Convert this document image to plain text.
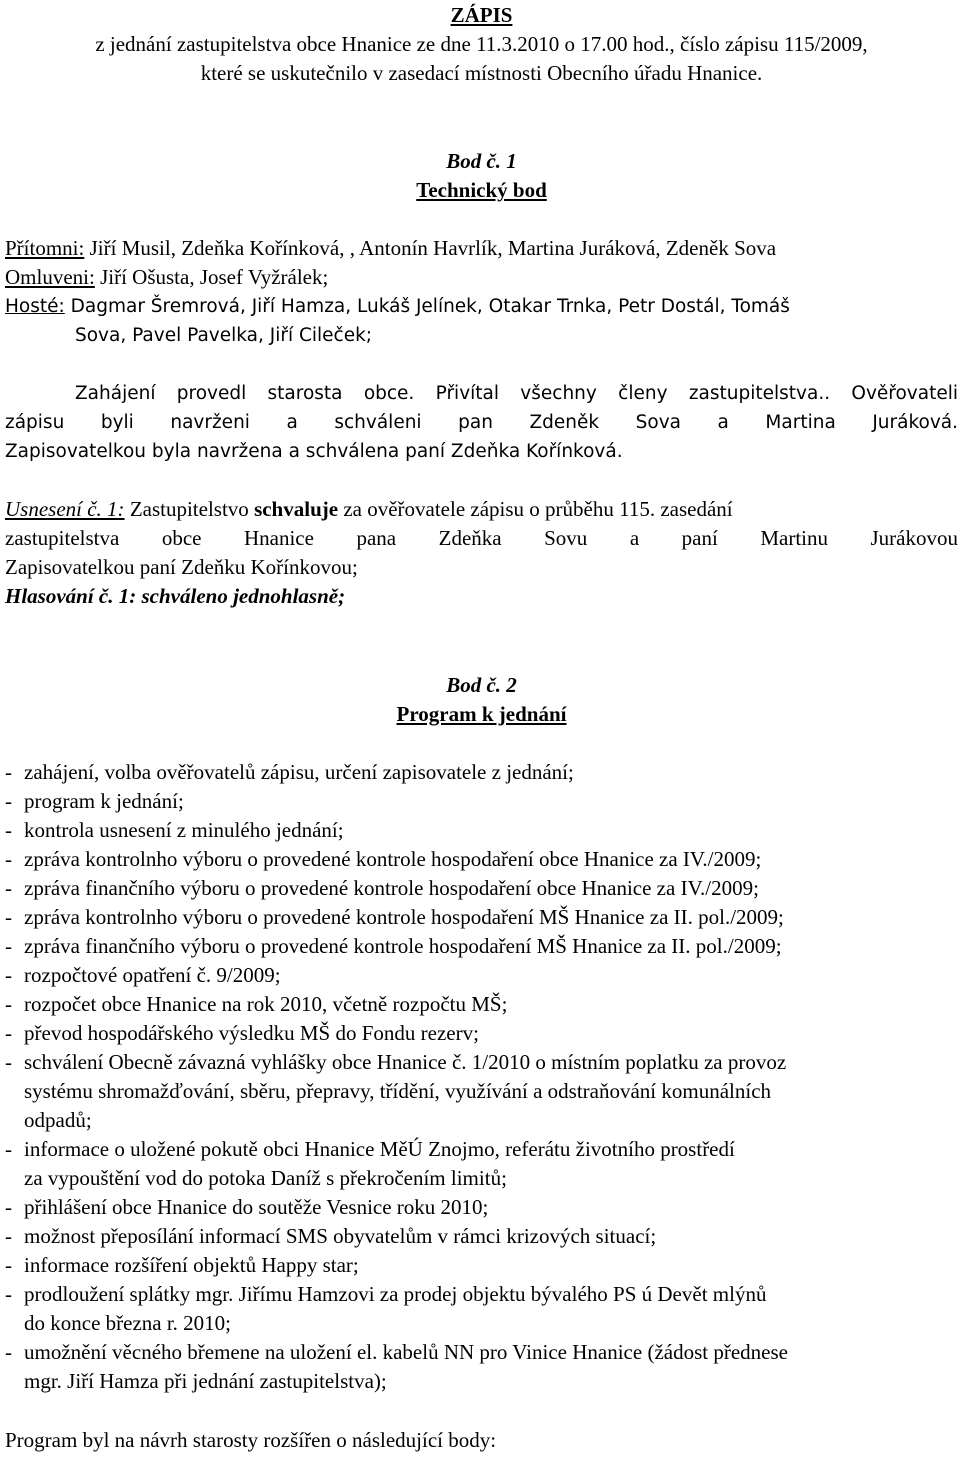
ZÁPIS
z jednání zastupitelstva obce Hnanice ze dne 11.3.2010 o 17.00 hod., číslo zápisu 115/2009,
které se uskutečnilo v zasedací místnosti Obecního úřadu Hnanice.
Bod č. 1
Technický bod
Přítomni: Jiří Musil, Zdeňka Kořínková, , Antonín Havrlík, Martina Juráková, Zdeněk Sova
Omluveni: Jiří Ošusta, Josef Vyžrálek;
Hosté: Dagmar Šremrová, Jiří Hamza, Lukáš Jelínek, Otakar Trnka, Petr Dostál, Tomáš
Sova, Pavel Pavelka, Jiří Cileček;
Zahájení provedl starosta obce. Přivítal všechny členy zastupitelstva.. Ověřovateli
zápisu byli navrženi a schváleni pan Zdeněk Sova a Martina Juráková.
Zapisovatelkou byla navržena a schválena paní Zdeňka Kořínková.
Usnesení č. 1: Zastupitelstvo schvaluje za ověřovatele zápisu o průběhu 115. zasedání
zastupitelstva obce Hnanice pana Zdeňka Sovu a paní Martinu Jurákovou
Zapisovatelkou paní Zdeňku Kořínkovou;
Hlasování č. 1: schváleno jednohlasně;
Bod č. 2
Program k jednání
- zahájení, volba ověřovatelů zápisu, určení zapisovatele z jednání;
- program k jednání;
- kontrola usnesení z minulého jednání;
- zpráva kontrolnho výboru o provedené kontrole hospodaření obce Hnanice za IV./2009;
- zpráva finančního výboru o provedené kontrole hospodaření obce Hnanice za IV./2009;
- zpráva kontrolnho výboru o provedené kontrole hospodaření MŠ Hnanice za II. pol./2009;
- zpráva finančního výboru o provedené kontrole hospodaření MŠ Hnanice za II. pol./2009;
- rozpočtové opatření č. 9/2009;
- rozpočet obce Hnanice na rok 2010, včetně rozpočtu MŠ;
- převod hospodářského výsledku MŠ do Fondu rezerv;
- schválení Obecně závazná vyhlášky obce Hnanice č. 1/2010 o místním poplatku za provoz
systému shromažďování, sběru, přepravy, třídění, využívání a odstraňování komunálních
odpadů;
- informace o uložené pokutě obci Hnanice MěÚ Znojmo, referátu životního prostředí
za vypouštění vod do potoka Daníž s překročením limitů;
- přihlášení obce Hnanice do soutěže Vesnice roku 2010;
- možnost přeposílání informací SMS obyvatelům v rámci krizových situací;
- informace rozšíření objektů Happy star;
- prodloužení splátky mgr. Jiřímu Hamzovi za prodej objektu bývalého PS ú Devět mlýnů
do konce března r. 2010;
- umožnění věcného břemene na uložení el. kabelů NN pro Vinice Hnanice (žádost přednese
mgr. Jiří Hamza při jednání zastupitelstva);
Program byl na návrh starosty rozšířen o následující body:
